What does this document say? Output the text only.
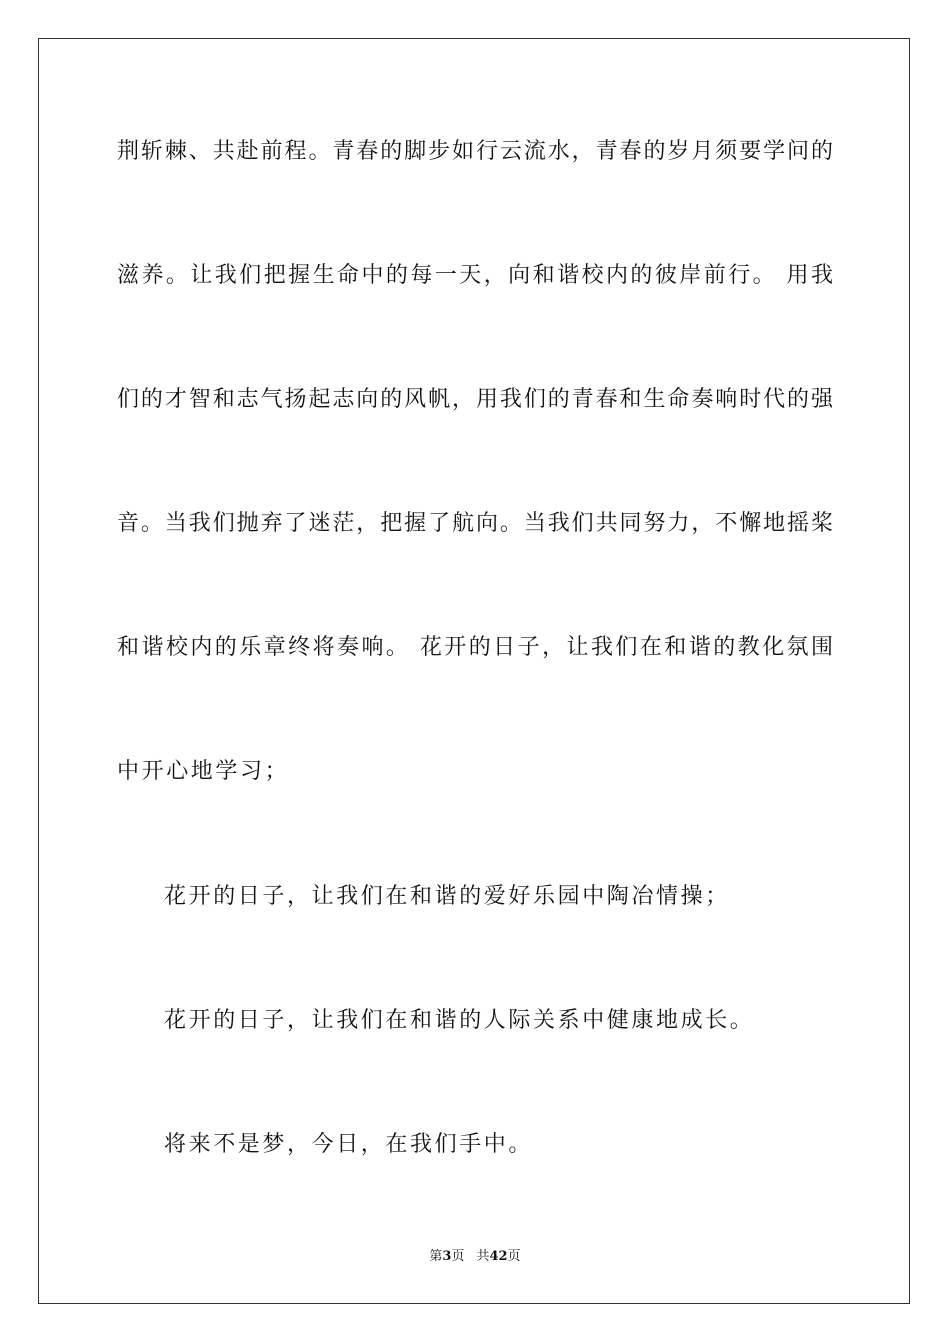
荆斩棘、共赴前程。青春的脚步如行云流水，青春的岁月须要学问的
滋养。让我们把握生命中的每一天，向和谐校内的彼岸前行。 用我
们的才智和志气扬起志向的风帆，用我们的青春和生命奏响时代的强
音。当我们抛弃了迷茫，把握了航向。当我们共同努力，不懈地摇桨
和谐校内的乐章终将奏响。 花开的日子，让我们在和谐的教化氛围
中开心地学习；
花开的日子，让我们在和谐的爱好乐园中陶冶情操；
花开的日子，让我们在和谐的人际关系中健康地成长。
将来不是梦，今日，在我们手中。
第3页 共42页
